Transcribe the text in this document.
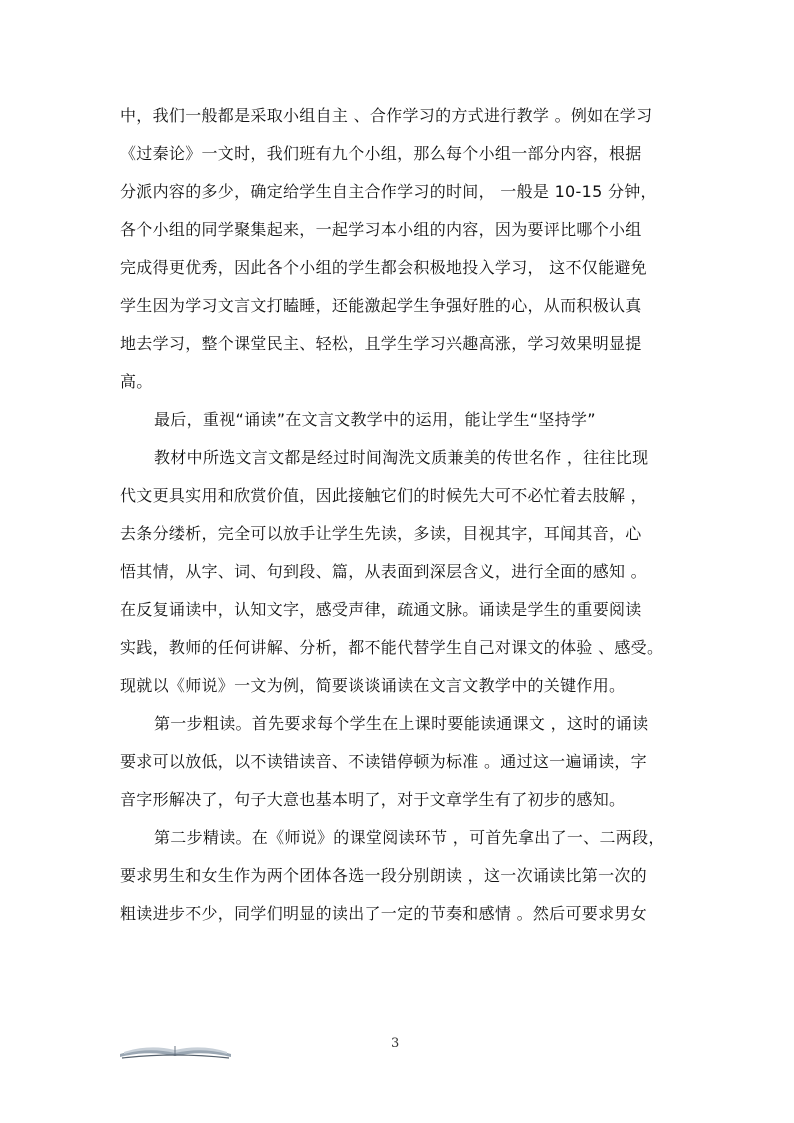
中，我们一般都是采取小组自主 、合作学习的方式进行教学 。例如在学习
《过秦论》一文时，我们班有九个小组，那么每个小组一部分内容，根据
分派内容的多少，确定给学生自主合作学习的时间， 一般是 10-15 分钟，
各个小组的同学聚集起来，一起学习本小组的内容，因为要评比哪个小组
完成得更优秀，因此各个小组的学生都会积极地投入学习， 这不仅能避免
学生因为学习文言文打瞌睡，还能激起学生争强好胜的心，从而积极认真
地去学习，整个课堂民主、轻松，且学生学习兴趣高涨，学习效果明显提
高。
最后，重视“诵读”在文言文教学中的运用，能让学生“坚持学”
教材中所选文言文都是经过时间淘洗文质兼美的传世名作 ，往往比现
代文更具实用和欣赏价值，因此接触它们的时候先大可不必忙着去肢解 ，
去条分缕析，完全可以放手让学生先读，多读，目视其字，耳闻其音，心
悟其情，从字、词、句到段、篇，从表面到深层含义，进行全面的感知 。
在反复诵读中，认知文字，感受声律，疏通文脉。诵读是学生的重要阅读
实践，教师的任何讲解、分析，都不能代替学生自己对课文的体验 、感受。
现就以《师说》一文为例，简要谈谈诵读在文言文教学中的关键作用。
第一步粗读。首先要求每个学生在上课时要能读通课文 ，这时的诵读
要求可以放低，以不读错读音、不读错停顿为标准 。通过这一遍诵读，字
音字形解决了，句子大意也基本明了，对于文章学生有了初步的感知。
第二步精读。在《师说》的课堂阅读环节 ，可首先拿出了一、二两段，
要求男生和女生作为两个团体各选一段分别朗读 ，这一次诵读比第一次的
粗读进步不少，同学们明显的读出了一定的节奏和感情 。然后可要求男女
3
